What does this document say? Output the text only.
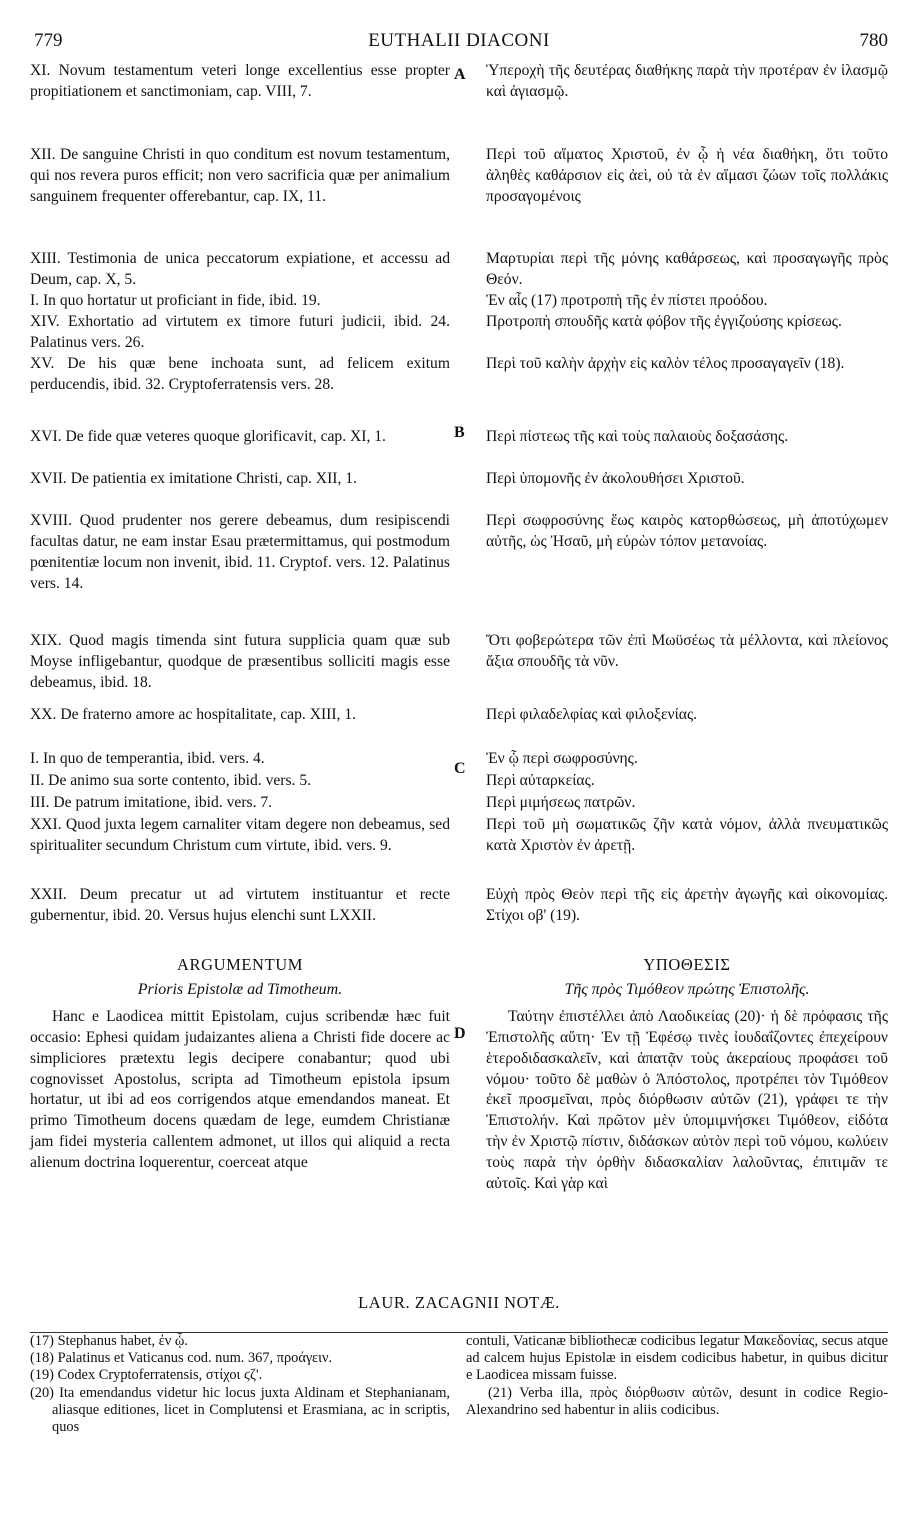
779	EUTHALII DIACONI	780
A
B
C
D

XI. Novum testamentum veteri longe excellentius esse propter propitiationem et sanctimoniam, cap. VIII, 7.

XII. De sanguine Christi in quo conditum est novum testamentum, qui nos revera puros efficit; non vero sacrificia quæ per animalium sanguinem frequenter offerebantur, cap. IX, 11.

XIII. Testimonia de unica peccatorum expiatione, et accessu ad Deum, cap. X, 5.

I. In quo hortatur ut proficiant in fide, ibid. 19.

XIV. Exhortatio ad virtutem ex timore futuri judicii, ibid. 24. Palatinus vers. 26.

XV. De his quæ bene inchoata sunt, ad felicem exitum perducendis, ibid. 32. Cryptoferratensis vers. 28.

XVI. De fide quæ veteres quoque glorificavit, cap. XI, 1.

XVII. De patientia ex imitatione Christi, cap. XII, 1.

XVIII. Quod prudenter nos gerere debeamus, dum resipiscendi facultas datur, ne eam instar Esau prætermittamus, qui postmodum pœnitentiæ locum non invenit, ibid. 11. Cryptof. vers. 12. Palatinus vers. 14.

XIX. Quod magis timenda sint futura supplicia quam quæ sub Moyse infligebantur, quodque de præsentibus solliciti magis esse debeamus, ibid. 18.

XX. De fraterno amore ac hospitalitate, cap. XIII, 1.

I. In quo de temperantia, ibid. vers. 4.

II. De animo sua sorte contento, ibid. vers. 5.

III. De patrum imitatione, ibid. vers. 7.

XXI. Quod juxta legem carnaliter vitam degere non debeamus, sed spiritualiter secundum Christum cum virtute, ibid. vers. 9.

XXII. Deum precatur ut ad virtutem instituantur et recte gubernentur, ibid. 20. Versus hujus elenchi sunt LXXII.

ARGUMENTUM

Prioris Epistolæ ad Timotheum.

Hanc e Laodicea mittit Epistolam, cujus scribendæ hæc fuit occasio: Ephesi quidam judaizantes aliena a Christi fide docere ac simpliciores prætextu legis decipere conabantur; quod ubi cognovisset Apostolus, scripta ad Timotheum epistola ipsum hortatur, ut ibi ad eos corrigendos atque emendandos maneat. Et primo Timotheum docens quædam de lege, eumdem Christianæ jam fidei mysteria callentem admonet, ut illos qui aliquid a recta alienum doctrina loquerentur, coerceat atque

Ὑπεροχὴ τῆς δευτέρας διαθήκης παρὰ τὴν προτέραν ἐν ἱλασμῷ καὶ ἁγιασμῷ.

Περὶ τοῦ αἵματος Χριστοῦ, ἐν ᾧ ἡ νέα διαθήκη, ὅτι τοῦτο ἀληθὲς καθάρσιον εἰς ἀεὶ, οὐ τὰ ἐν αἵμασι ζώων τοῖς πολλάκις προσαγομένοις

Μαρτυρίαι περὶ τῆς μόνης καθάρσεως, καὶ προσαγωγῆς πρὸς Θεόν.

Ἐν αἷς (17) προτροπὴ τῆς ἐν πίστει προόδου.

Προτροπὴ σπουδῆς κατὰ φόβον τῆς ἐγγιζούσης κρίσεως.

Περὶ τοῦ καλὴν ἀρχὴν εἰς καλὸν τέλος προσαγαγεῖν (18).

Περὶ πίστεως τῆς καὶ τοὺς παλαιοὺς δοξασάσης.

Περὶ ὑπομονῆς ἐν ἀκολουθήσει Χριστοῦ.

Περὶ σωφροσύνης ἕως καιρὸς κατορθώσεως, μὴ ἀποτύχωμεν αὐτῆς, ὡς Ἠσαῦ, μὴ εὑρὼν τόπον μετανοίας.

Ὅτι φοβερώτερα τῶν ἐπὶ Μωϋσέως τὰ μέλλοντα, καὶ πλείονος ἄξια σπουδῆς τὰ νῦν.

Περὶ φιλαδελφίας καὶ φιλοξενίας.

Ἐν ᾧ περὶ σωφροσύνης.

Περὶ αὐταρκείας.

Περὶ μιμήσεως πατρῶν.

Περὶ τοῦ μὴ σωματικῶς ζῆν κατὰ νόμον, ἀλλὰ πνευματικῶς κατὰ Χριστὸν ἐν ἀρετῇ.

Εὐχὴ πρὸς Θεὸν περὶ τῆς εἰς ἀρετὴν ἀγωγῆς καὶ οἰκονομίας. Στίχοι οβ' (19).

ΥΠΟΘΕΣΙΣ

Τῆς πρὸς Τιμόθεον πρώτης Ἐπιστολῆς.

Ταύτην ἐπιστέλλει ἀπὸ Λαοδικείας (20)· ἡ δὲ πρόφασις τῆς Ἐπιστολῆς αὕτη· Ἐν τῇ Ἐφέσῳ τινὲς ἰουδαΐζοντες ἐπεχείρουν ἑτεροδιδασκαλεῖν, καὶ ἀπατᾷν τοὺς ἀκεραίους προφάσει τοῦ νόμου· τοῦτο δὲ μαθὼν ὁ Ἀπόστολος, προτρέπει τὸν Τιμόθεον ἐκεῖ προσμεῖναι, πρὸς διόρθωσιν αὐτῶν (21), γράφει τε τὴν Ἐπιστολήν. Καὶ πρῶτον μὲν ὑπομιμνήσκει Τιμόθεον, εἰδότα τὴν ἐν Χριστῷ πίστιν, διδάσκων αὐτὸν περὶ τοῦ νόμου, κωλύειν τοὺς παρὰ τὴν ὀρθὴν διδασκαλίαν λαλοῦντας, ἐπιτιμᾶν τε αὐτοῖς. Καὶ γὰρ καὶ

LAUR. ZACAGNII NOTÆ.

(17) Stephanus habet, ἐν ᾧ.

(18) Palatinus et Vaticanus cod. num. 367, προάγειν.

(19) Codex Cryptoferratensis, στίχοι ϛζ'.

(20) Ita emendandus videtur hic locus juxta Aldinam et Stephanianam, aliasque editiones, licet in Complutensi et Erasmiana, ac in scriptis, quos

contuli, Vaticanæ bibliothecæ codicibus legatur Μακεδονίας, secus atque ad calcem hujus Epistolæ in eisdem codicibus habetur, in quibus dicitur e Laodicea missam fuisse.

(21) Verba illa, πρὸς διόρθωσιν αὐτῶν, desunt in codice Regio-Alexandrino sed habentur in aliis codicibus.
